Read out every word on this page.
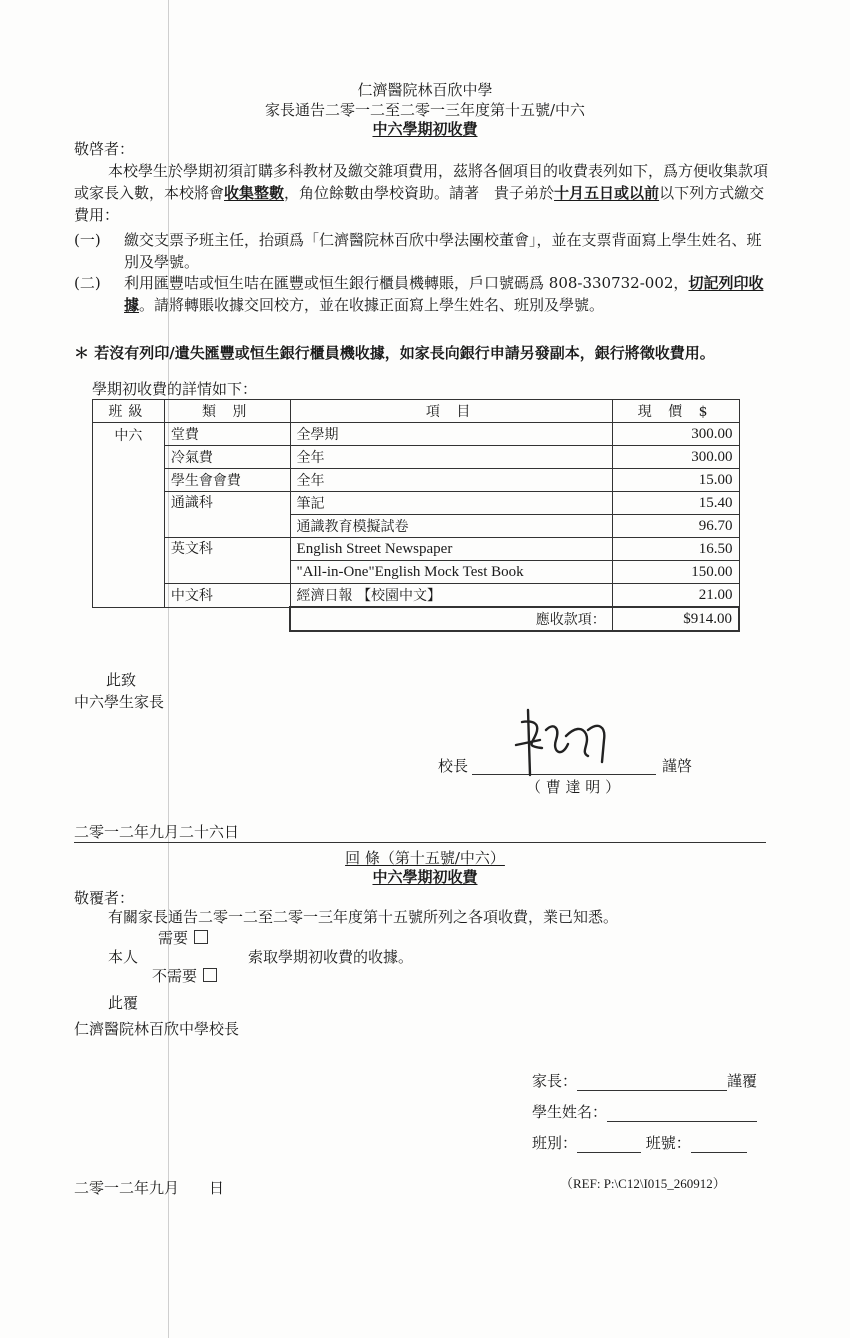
仁濟醫院林百欣中學
家長通告二零一二至二零一三年度第十五號/中六
中六學期初收費
敬啓者：
本校學生於學期初須訂購多科教材及繳交雜項費用，茲將各個項目的收費表列如下，爲方便收集款項或家長入數，本校將會收集整數，角位餘數由學校資助。請著　貴子弟於十月五日或以前以下列方式繳交費用：
(一) 繳交支票予班主任，抬頭爲「仁濟醫院林百欣中學法團校董會」，並在支票背面寫上學生姓名、班別及學號。
(二) 利用匯豐咭或恒生咭在匯豐或恒生銀行櫃員機轉賬，戶口號碼爲 808-330732-002，切記列印收據。請將轉賬收據交回校方，並在收據正面寫上學生姓名、班別及學號。
＊ 若沒有列印/遺失匯豐或恒生銀行櫃員機收據，如家長向銀行申請另發副本，銀行將徵收費用。
學期初收費的詳情如下：
班級	類 別	項 目	現 價 $
中六	堂費	全學期	300.00
	冷氣費	全年	300.00
	學生會會費	全年	15.00
	通識科	筆記	15.40
		通識教育模擬試卷	96.70
	英文科	English Street Newspaper	16.50
		"All-in-One"English Mock Test Book	150.00
	中文科	經濟日報 【校園中文】	21.00
		應收款項：	$914.00
此致
中六學生家長
校長	謹啓
（ 曹 達 明 ）
二零一二年九月二十六日
回 條（第十五號/中六）
中六學期初收費
敬覆者：
有關家長通告二零一二至二零一三年度第十五號所列之各項收費，業已知悉。
需要
本人	索取學期初收費的收據。
不需要
此覆
仁濟醫院林百欣中學校長
家長：	謹覆
學生姓名：
班別：	班號：
二零一二年九月　　日	（REF: P:\C12\I015_260912）
